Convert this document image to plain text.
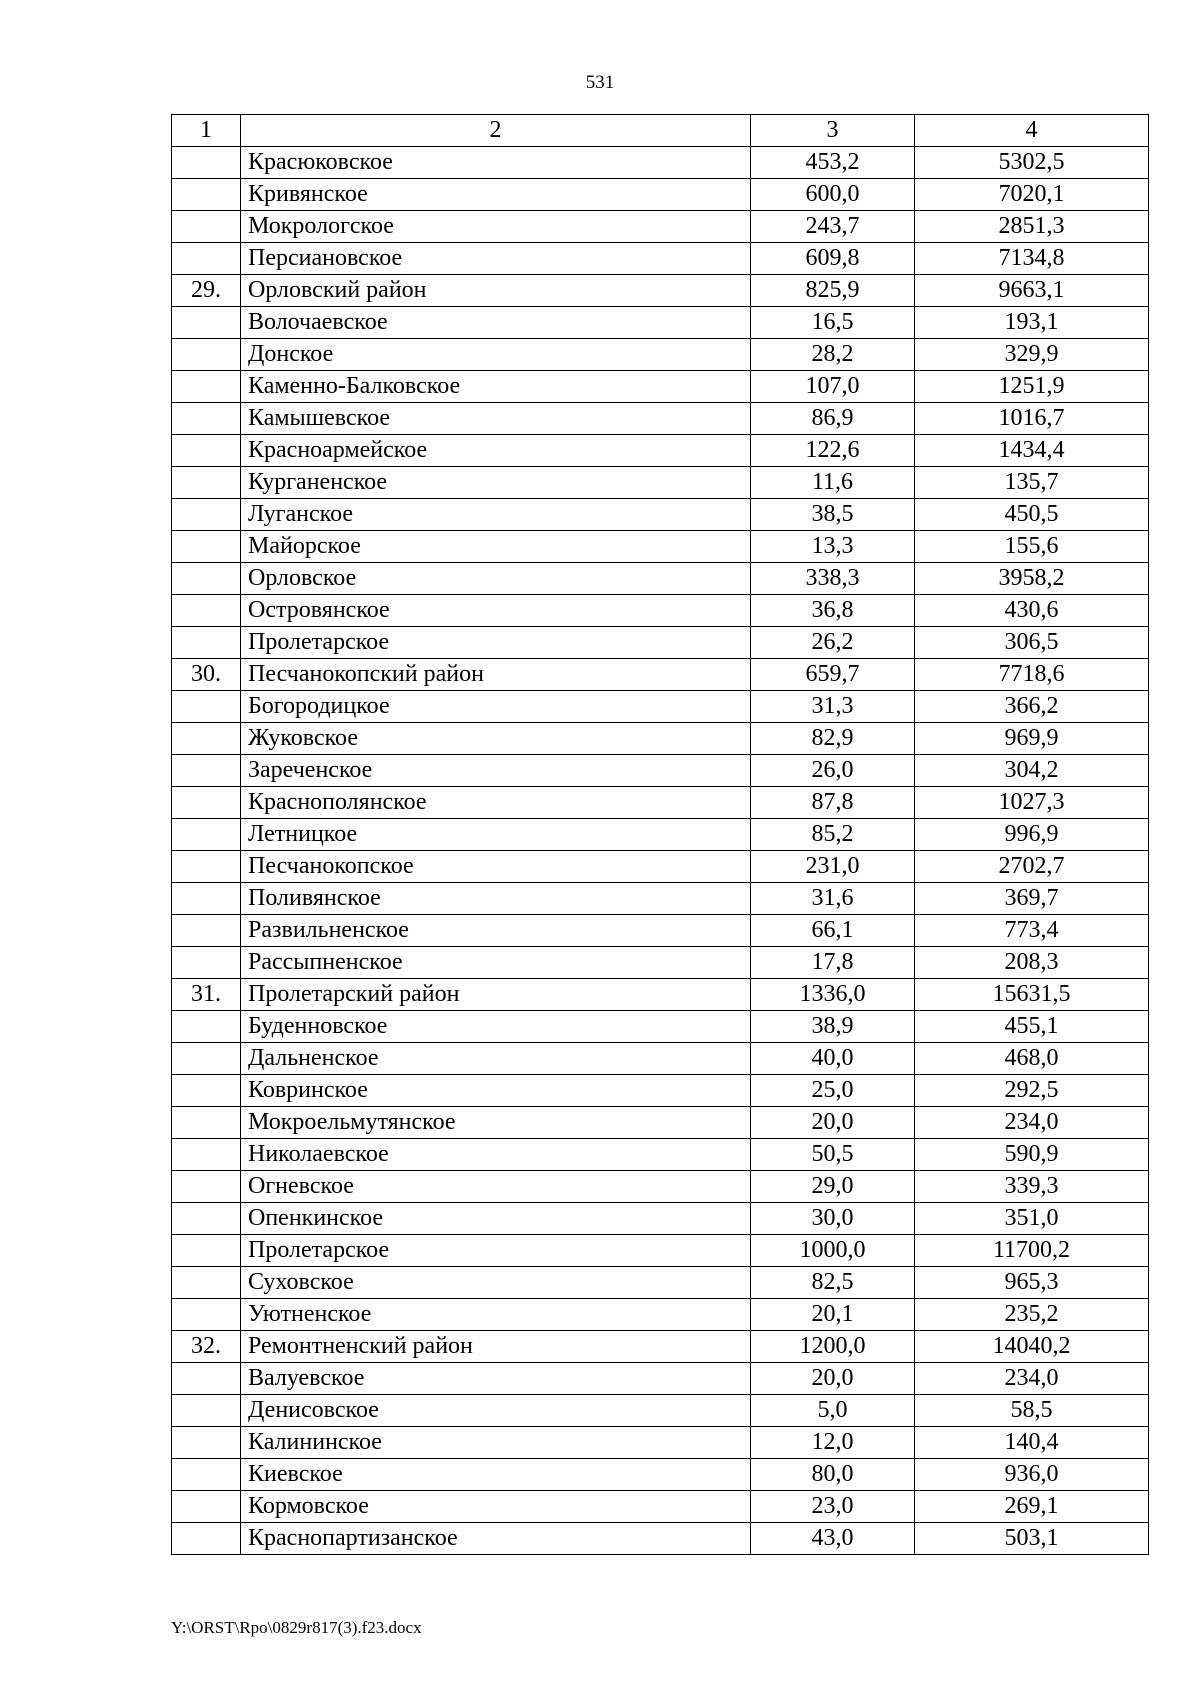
531
1	2	3	4
	Красюковское	453,2	5302,5
	Кривянское	600,0	7020,1
	Мокрологское	243,7	2851,3
	Персиановское	609,8	7134,8
29.	Орловский район	825,9	9663,1
	Волочаевское	16,5	193,1
	Донское	28,2	329,9
	Каменно-Балковское	107,0	1251,9
	Камышевское	86,9	1016,7
	Красноармейское	122,6	1434,4
	Курганенское	11,6	135,7
	Луганское	38,5	450,5
	Майорское	13,3	155,6
	Орловское	338,3	3958,2
	Островянское	36,8	430,6
	Пролетарское	26,2	306,5
30.	Песчанокопский район	659,7	7718,6
	Богородицкое	31,3	366,2
	Жуковское	82,9	969,9
	Зареченское	26,0	304,2
	Краснополянское	87,8	1027,3
	Летницкое	85,2	996,9
	Песчанокопское	231,0	2702,7
	Поливянское	31,6	369,7
	Развильненское	66,1	773,4
	Рассыпненское	17,8	208,3
31.	Пролетарский район	1336,0	15631,5
	Буденновское	38,9	455,1
	Дальненское	40,0	468,0
	Ковринское	25,0	292,5
	Мокроельмутянское	20,0	234,0
	Николаевское	50,5	590,9
	Огневское	29,0	339,3
	Опенкинское	30,0	351,0
	Пролетарское	1000,0	11700,2
	Суховское	82,5	965,3
	Уютненское	20,1	235,2
32.	Ремонтненский район	1200,0	14040,2
	Валуевское	20,0	234,0
	Денисовское	5,0	58,5
	Калининское	12,0	140,4
	Киевское	80,0	936,0
	Кормовское	23,0	269,1
	Краснопартизанское	43,0	503,1
Y:\ORST\Rpo\0829r817(3).f23.docx
